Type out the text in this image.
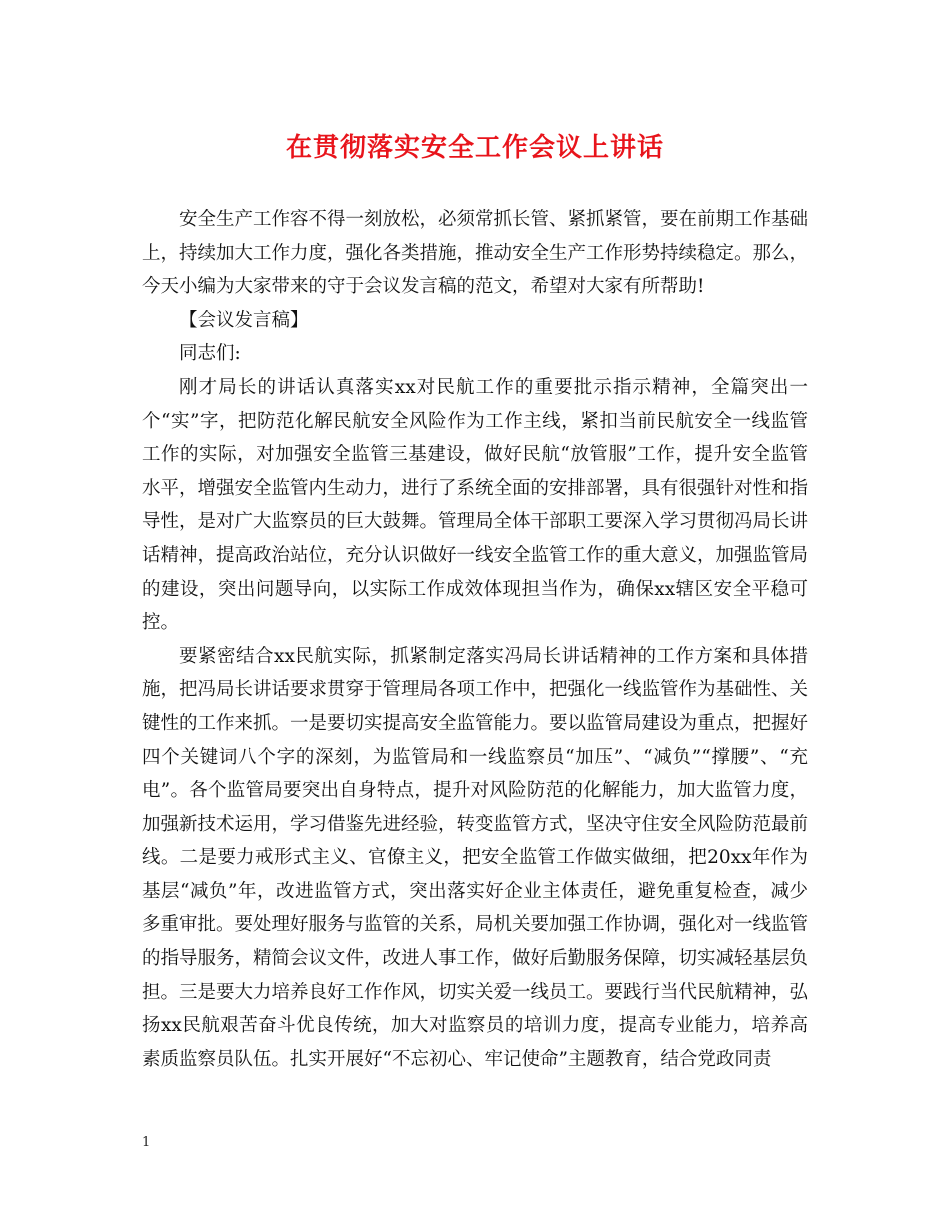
在贯彻落实安全工作会议上讲话

安全生产工作容不得一刻放松，必须常抓长管、紧抓紧管，要在前期工作基础上，持续加大工作力度，强化各类措施，推动安全生产工作形势持续稳定。那么，今天小编为大家带来的守于会议发言稿的范文，希望对大家有所帮助!

【会议发言稿】

同志们:

刚才局长的讲话认真落实xx对民航工作的重要批示指示精神，全篇突出一个“实”字，把防范化解民航安全风险作为工作主线，紧扣当前民航安全一线监管工作的实际，对加强安全监管三基建设，做好民航“放管服”工作，提升安全监管水平，增强安全监管内生动力，进行了系统全面的安排部署，具有很强针对性和指导性，是对广大监察员的巨大鼓舞。管理局全体干部职工要深入学习贯彻冯局长讲话精神，提高政治站位，充分认识做好一线安全监管工作的重大意义，加强监管局的建设，突出问题导向，以实际工作成效体现担当作为，确保xx辖区安全平稳可控。

要紧密结合xx民航实际，抓紧制定落实冯局长讲话精神的工作方案和具体措施，把冯局长讲话要求贯穿于管理局各项工作中，把强化一线监管作为基础性、关键性的工作来抓。一是要切实提高安全监管能力。要以监管局建设为重点，把握好四个关键词八个字的深刻，为监管局和一线监察员“加压”、“减负”“撑腰”、“充电”。各个监管局要突出自身特点，提升对风险防范的化解能力，加大监管力度，加强新技术运用，学习借鉴先进经验，转变监管方式，坚决守住安全风险防范最前线。二是要力戒形式主义、官僚主义，把安全监管工作做实做细，把20xx年作为基层“减负”年，改进监管方式，突出落实好企业主体责任，避免重复检查，减少多重审批。要处理好服务与监管的关系，局机关要加强工作协调，强化对一线监管的指导服务，精简会议文件，改进人事工作，做好后勤服务保障，切实减轻基层负担。三是要大力培养良好工作作风，切实关爱一线员工。要践行当代民航精神，弘扬xx民航艰苦奋斗优良传统，加大对监察员的培训力度，提高专业能力，培养高素质监察员队伍。扎实开展好“不忘初心、牢记使命”主题教育，结合党政同责

1
